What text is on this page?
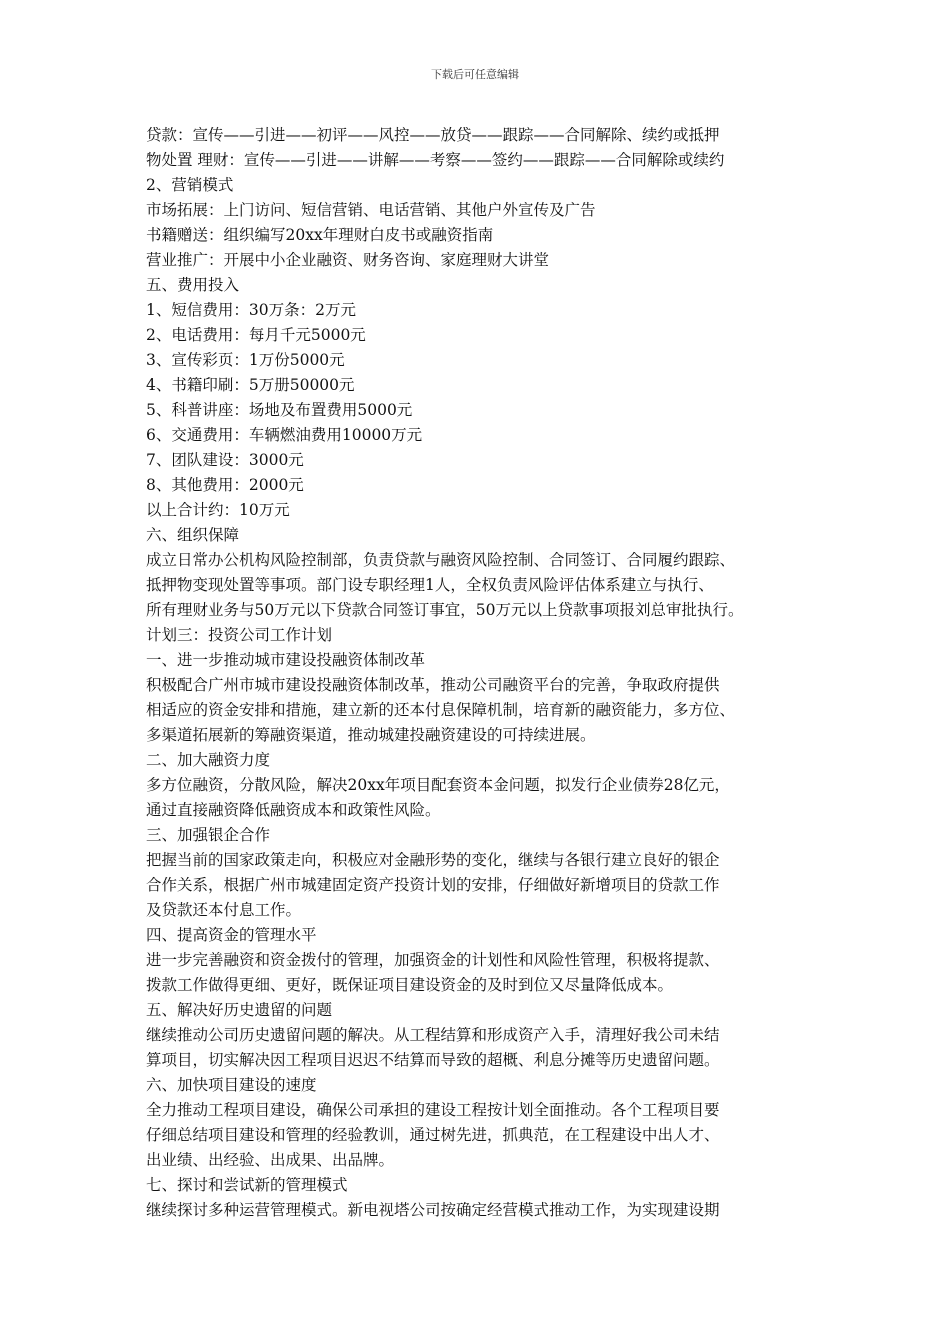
下载后可任意编辑
贷款：宣传——引进——初评——风控——放贷——跟踪——合同解除、续约或抵押
物处置 理财：宣传——引进——讲解——考察——签约——跟踪——合同解除或续约
2、营销模式
市场拓展：上门访问、短信营销、电话营销、其他户外宣传及广告
书籍赠送：组织编写20xx年理财白皮书或融资指南
营业推广：开展中小企业融资、财务咨询、家庭理财大讲堂
五、费用投入
1、短信费用：30万条：2万元
2、电话费用：每月千元5000元
3、宣传彩页：1万份5000元
4、书籍印刷：5万册50000元
5、科普讲座：场地及布置费用5000元
6、交通费用：车辆燃油费用10000万元
7、团队建设：3000元
8、其他费用：2000元
以上合计约：10万元
六、组织保障
成立日常办公机构风险控制部，负责贷款与融资风险控制、合同签订、合同履约跟踪、
抵押物变现处置等事项。部门设专职经理1人，全权负责风险评估体系建立与执行、
所有理财业务与50万元以下贷款合同签订事宜，50万元以上贷款事项报刘总审批执行。
计划三：投资公司工作计划
一、进一步推动城市建设投融资体制改革
积极配合广州市城市建设投融资体制改革，推动公司融资平台的完善，争取政府提供
相适应的资金安排和措施，建立新的还本付息保障机制，培育新的融资能力，多方位、
多渠道拓展新的筹融资渠道，推动城建投融资建设的可持续进展。
二、加大融资力度
多方位融资，分散风险，解决20xx年项目配套资本金问题，拟发行企业债券28亿元，
通过直接融资降低融资成本和政策性风险。
三、加强银企合作
把握当前的国家政策走向，积极应对金融形势的变化，继续与各银行建立良好的银企
合作关系，根据广州市城建固定资产投资计划的安排，仔细做好新增项目的贷款工作
及贷款还本付息工作。
四、提高资金的管理水平
进一步完善融资和资金拨付的管理，加强资金的计划性和风险性管理，积极将提款、
拨款工作做得更细、更好，既保证项目建设资金的及时到位又尽量降低成本。
五、解决好历史遗留的问题
继续推动公司历史遗留问题的解决。从工程结算和形成资产入手，清理好我公司未结
算项目，切实解决因工程项目迟迟不结算而导致的超概、利息分摊等历史遗留问题。
六、加快项目建设的速度
全力推动工程项目建设，确保公司承担的建设工程按计划全面推动。各个工程项目要
仔细总结项目建设和管理的经验教训，通过树先进，抓典范，在工程建设中出人才、
出业绩、出经验、出成果、出品牌。
七、探讨和尝试新的管理模式
继续探讨多种运营管理模式。新电视塔公司按确定经营模式推动工作，为实现建设期
